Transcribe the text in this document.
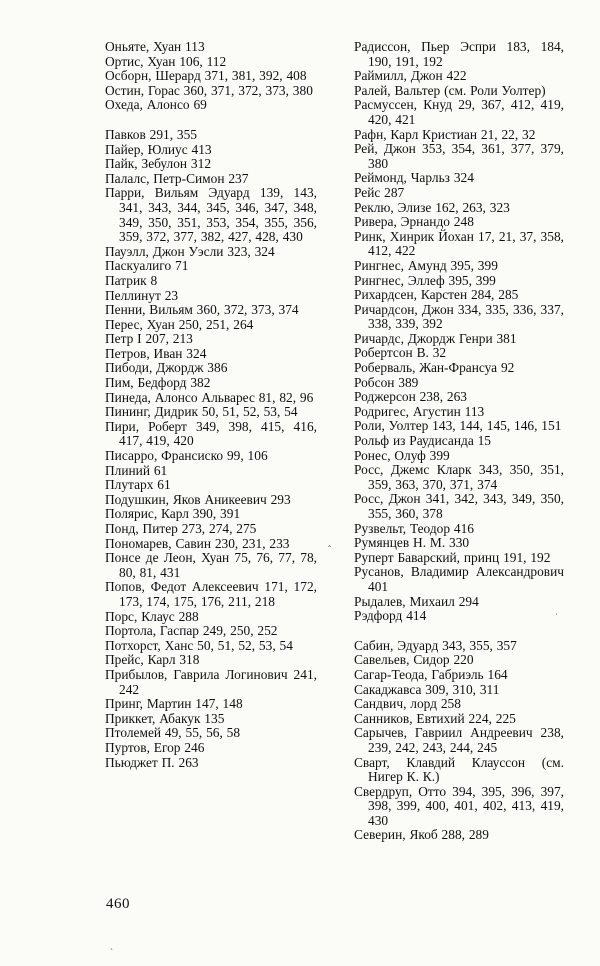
Оньяте, Хуан 113
Ортис, Хуан 106, 112
Осборн, Шерард 371, 381, 392, 408
Остин, Горас 360, 371, 372, 373, 380
Охеда, Алонсо 69
Павков 291, 355
Пайер, Юлиус 413
Пайк, Зебулон 312
Палалс, Петр-Симон 237
Парри, Вильям Эдуард 139, 143, 341, 343, 344, 345, 346, 347, 348, 349, 350, 351, 353, 354, 355, 356, 359, 372, 377, 382, 427, 428, 430
Пауэлл, Джон Уэсли 323, 324
Паскуалиго 71
Патрик 8
Пеллинут 23
Пенни, Вильям 360, 372, 373, 374
Перес, Хуан 250, 251, 264
Петр I 207, 213
Петров, Иван 324
Пибоди, Джордж 386
Пим, Бедфорд 382
Пинеда, Алонсо Альварес 81, 82, 96
Пининг, Дидрик 50, 51, 52, 53, 54
Пири, Роберт 349, 398, 415, 416, 417, 419, 420
Писарро, Франсиско 99, 106
Плиний 61
Плутарх 61
Подушкин, Яков Аникеевич 293
Полярис, Карл 390, 391
Понд, Питер 273, 274, 275
Пономарев, Савин 230, 231, 233
Понсе де Леон, Хуан 75, 76, 77, 78, 80, 81, 431
Попов, Федот Алексеевич 171, 172, 173, 174, 175, 176, 211, 218
Порс, Клаус 288
Портола, Гаспар 249, 250, 252
Потхорст, Ханс 50, 51, 52, 53, 54
Прейс, Карл 318
Прибылов, Гаврила Логинович 241, 242
Принг, Мартин 147, 148
Приккет, Абакук 135
Птолемей 49, 55, 56, 58
Пуртов, Егор 246
Пьюджет П. 263
Радиссон, Пьер Эспри 183, 184, 190, 191, 192
Раймилл, Джон 422
Ралей, Вальтер (см. Роли Уолтер)
Расмуссен, Кнуд 29, 367, 412, 419, 420, 421
Рафн, Карл Кристиан 21, 22, 32
Рей, Джон 353, 354, 361, 377, 379, 380
Реймонд, Чарльз 324
Рейс 287
Реклю, Элизе 162, 263, 323
Ривера, Эрнандо 248
Ринк, Хинрик Йохан 17, 21, 37, 358, 412, 422
Рингнес, Амунд 395, 399
Рингнес, Эллеф 395, 399
Рихардсен, Карстен 284, 285
Ричардсон, Джон 334, 335, 336, 337, 338, 339, 392
Ричардс, Джордж Генри 381
Робертсон В. 32
Роберваль, Жан-Франсуа 92
Робсон 389
Роджерсон 238, 263
Родригес, Агустин 113
Роли, Уолтер 143, 144, 145, 146, 151
Рольф из Раудисанда 15
Ронес, Олуф 399
Росс, Джемс Кларк 343, 350, 351, 359, 363, 370, 371, 374
Росс, Джон 341, 342, 343, 349, 350, 355, 360, 378
Рузвельт, Теодор 416
Румянцев Н. М. 330
Руперт Баварский, принц 191, 192
Русанов, Владимир Александрович 401
Рыдалев, Михаил 294
Рэдфорд 414
Сабин, Эдуард 343, 355, 357
Савельев, Сидор 220
Сагар-Теода, Габриэль 164
Сакаджавса 309, 310, 311
Сандвич, лорд 258
Санников, Евтихий 224, 225
Сарычев, Гавриил Андреевич 238, 239, 242, 243, 244, 245
Сварт, Клавдий Клауссон (см. Нигер К. К.)
Свердруп, Отто 394, 395, 396, 397, 398, 399, 400, 401, 402, 413, 419, 430
Северин, Якоб 288, 289
460
ˆ
ˈ
ˏ
